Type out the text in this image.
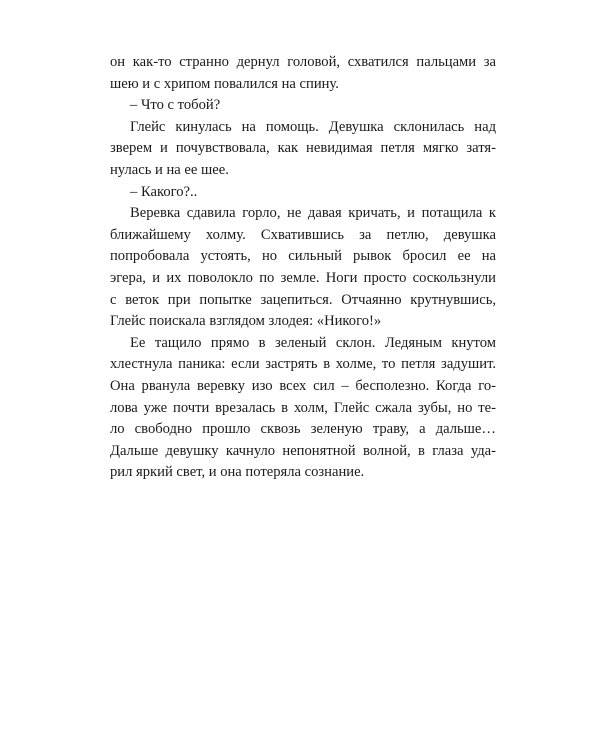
он как-то странно дернул головой, схватился пальцами за
шею и с хрипом повалился на спину.
– Что с тобой?
Глейс кинулась на помощь. Девушка склонилась над
зверем и почувствовала, как невидимая петля мягко затя-
нулась и на ее шее.
– Какого?..
Веревка сдавила горло, не давая кричать, и потащила к
ближайшему холму. Схватившись за петлю, девушка
попробовала устоять, но сильный рывок бросил ее на
эгера, и их поволокло по земле. Ноги просто соскользнули
с веток при попытке зацепиться. Отчаянно крутнувшись,
Глейс поискала взглядом злодея: «Никого!»
Ее тащило прямо в зеленый склон. Ледяным кнутом
хлестнула паника: если застрять в холме, то петля задушит.
Она рванула веревку изо всех сил – бесполезно. Когда го-
лова уже почти врезалась в холм, Глейс сжала зубы, но те-
ло свободно прошло сквозь зеленую траву, а дальше…
Дальше девушку качнуло непонятной волной, в глаза уда-
рил яркий свет, и она потеряла сознание.
